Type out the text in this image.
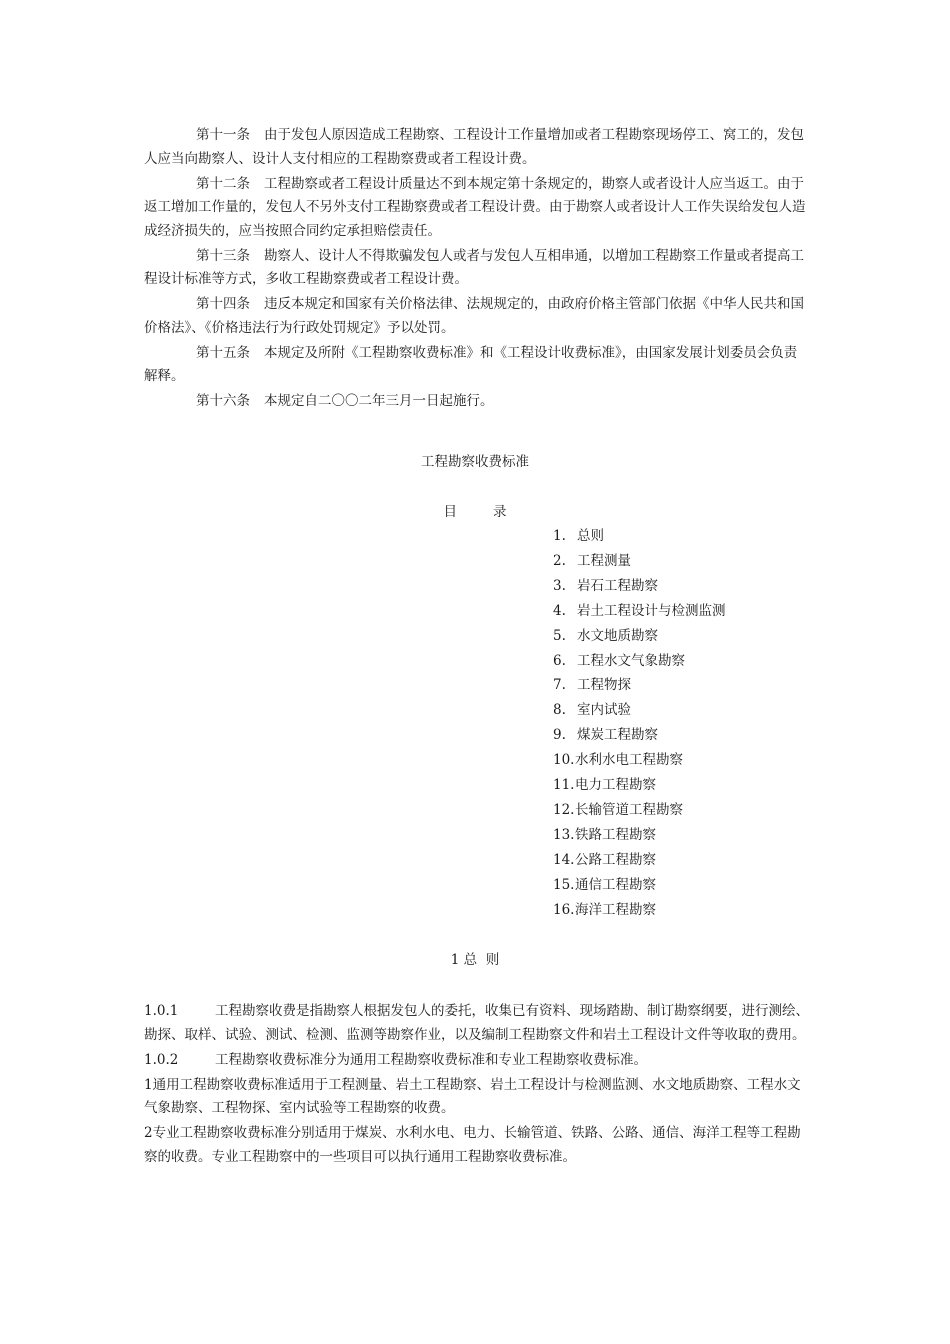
第十一条 由于发包人原因造成工程勘察、工程设计工作量增加或者工程勘察现场停工、窝工的，发包人应当向勘察人、设计人支付相应的工程勘察费或者工程设计费。

第十二条 工程勘察或者工程设计质量达不到本规定第十条规定的，勘察人或者设计人应当返工。由于返工增加工作量的，发包人不另外支付工程勘察费或者工程设计费。由于勘察人或者设计人工作失误给发包人造成经济损失的，应当按照合同约定承担赔偿责任。

第十三条 勘察人、设计人不得欺骗发包人或者与发包人互相串通，以增加工程勘察工作量或者提高工程设计标准等方式，多收工程勘察费或者工程设计费。

第十四条 违反本规定和国家有关价格法律、法规规定的，由政府价格主管部门依据《中华人民共和国价格法》、《价格违法行为行政处罚规定》予以处罚。

第十五条 本规定及所附《工程勘察收费标准》和《工程设计收费标准》，由国家发展计划委员会负责解释。

第十六条 本规定自二〇〇二年三月一日起施行。

工程勘察收费标准
目	录
1. 总则
2. 工程测量
3. 岩石工程勘察
4. 岩土工程设计与检测监测
5. 水文地质勘察
6. 工程水文气象勘察
7. 工程物探
8. 室内试验
9. 煤炭工程勘察
10.水利水电工程勘察
11.电力工程勘察
12.长输管道工程勘察
13.铁路工程勘察
14.公路工程勘察
15.通信工程勘察
16.海洋工程勘察
1 总  则

1.0.1	工程勘察收费是指勘察人根据发包人的委托，收集已有资料、现场踏勘、制订勘察纲要，进行测绘、勘探、取样、试验、测试、检测、监测等勘察作业，以及编制工程勘察文件和岩土工程设计文件等收取的费用。

1.0.2	工程勘察收费标准分为通用工程勘察收费标准和专业工程勘察收费标准。

1通用工程勘察收费标准适用于工程测量、岩土工程勘察、岩土工程设计与检测监测、水文地质勘察、工程水文气象勘察、工程物探、室内试验等工程勘察的收费。

2专业工程勘察收费标准分别适用于煤炭、水利水电、电力、长输管道、铁路、公路、通信、海洋工程等工程勘察的收费。专业工程勘察中的一些项目可以执行通用工程勘察收费标准。
